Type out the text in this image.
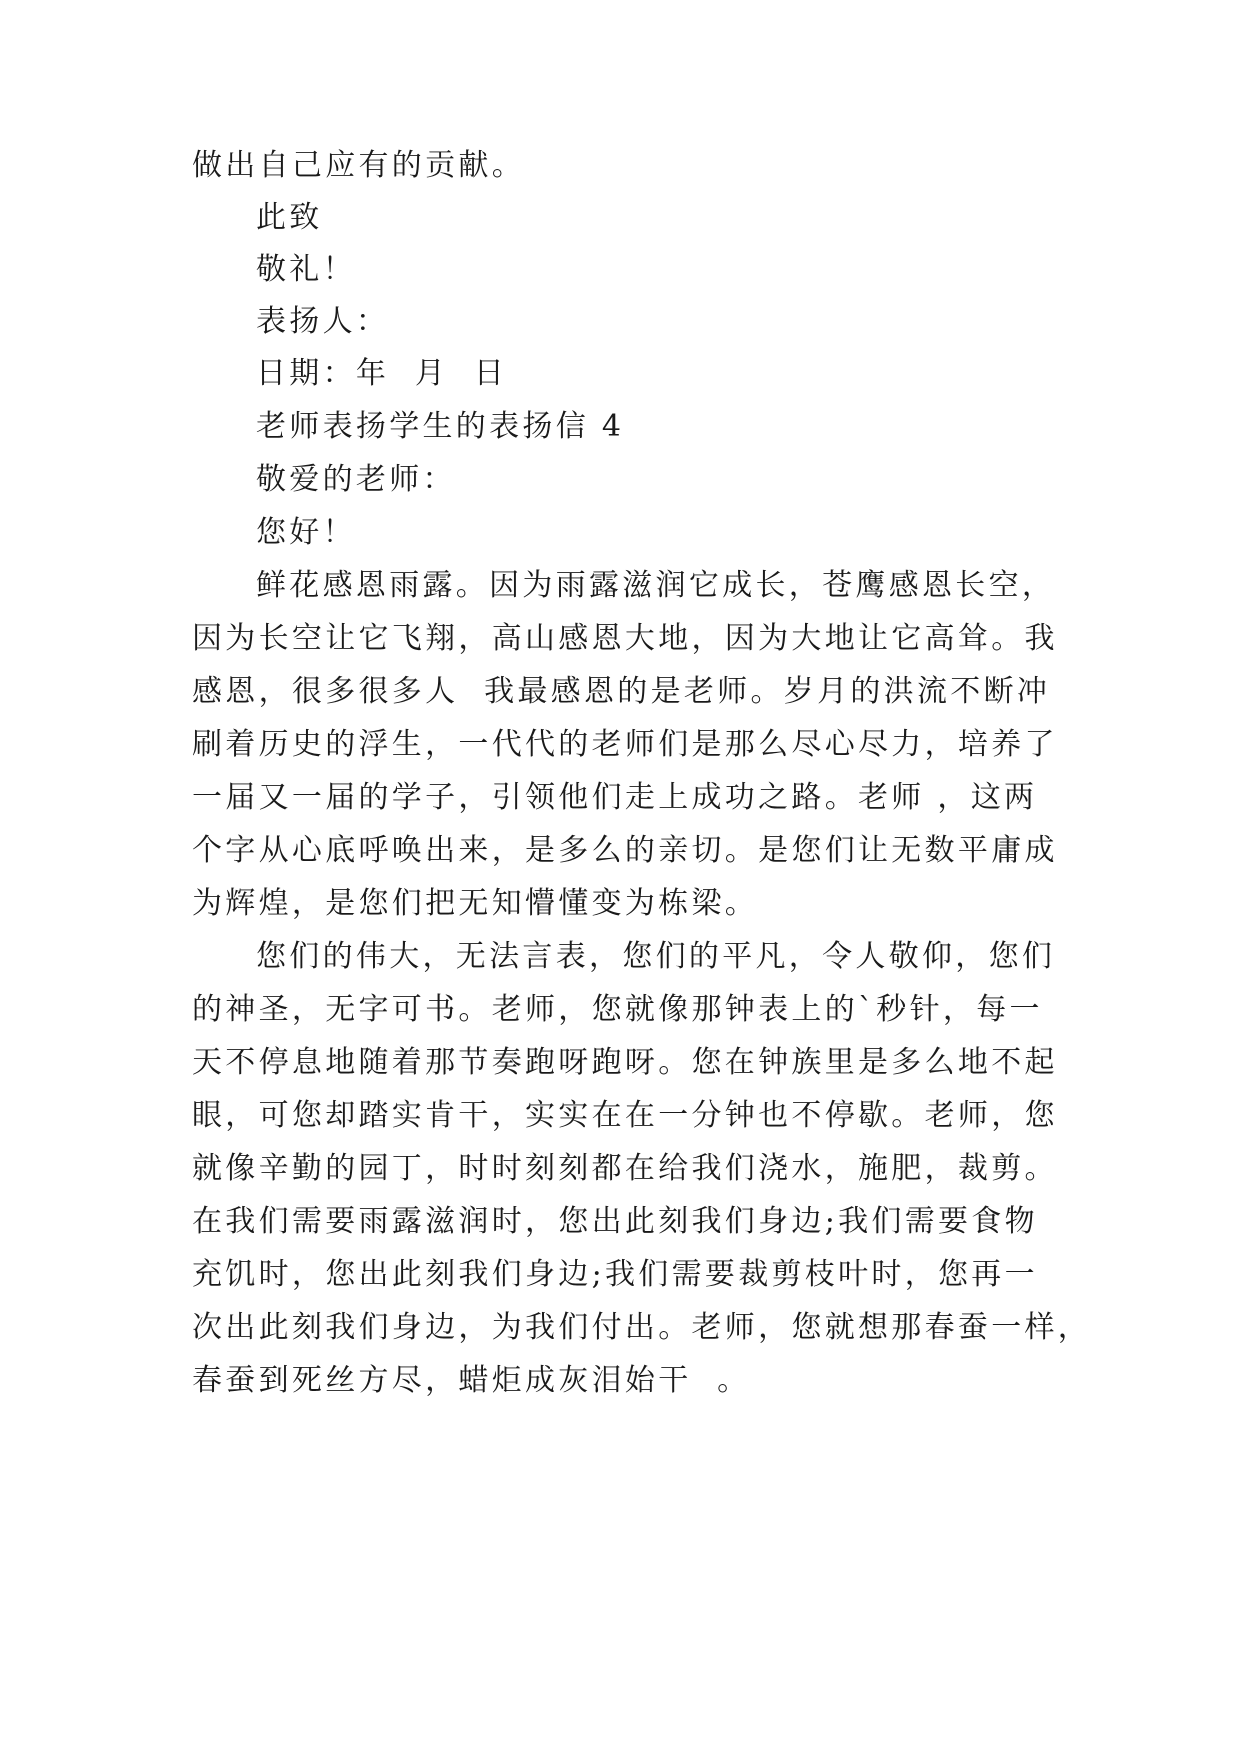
做出自己应有的贡献。
此致
敬礼！
表扬人：
日期：年  月  日
老师表扬学生的表扬信 4
敬爱的老师：
您好！
鲜花感恩雨露。因为雨露滋润它成长，苍鹰感恩长空，
因为长空让它飞翔，高山感恩大地，因为大地让它高耸。我
感恩，很多很多人  我最感恩的是老师。岁月的洪流不断冲
刷着历史的浮生，一代代的老师们是那么尽心尽力，培养了
一届又一届的学子，引领他们走上成功之路。老师 ，这两
个字从心底呼唤出来，是多么的亲切。是您们让无数平庸成
为辉煌，是您们把无知懵懂变为栋梁。
您们的伟大，无法言表，您们的平凡，令人敬仰，您们
的神圣，无字可书。老师，您就像那钟表上的`秒针，每一
天不停息地随着那节奏跑呀跑呀。您在钟族里是多么地不起
眼，可您却踏实肯干，实实在在一分钟也不停歇。老师，您
就像辛勤的园丁，时时刻刻都在给我们浇水，施肥，裁剪。
在我们需要雨露滋润时，您出此刻我们身边;我们需要食物
充饥时，您出此刻我们身边;我们需要裁剪枝叶时，您再一
次出此刻我们身边，为我们付出。老师，您就想那春蚕一样，
春蚕到死丝方尽，蜡炬成灰泪始干  。
